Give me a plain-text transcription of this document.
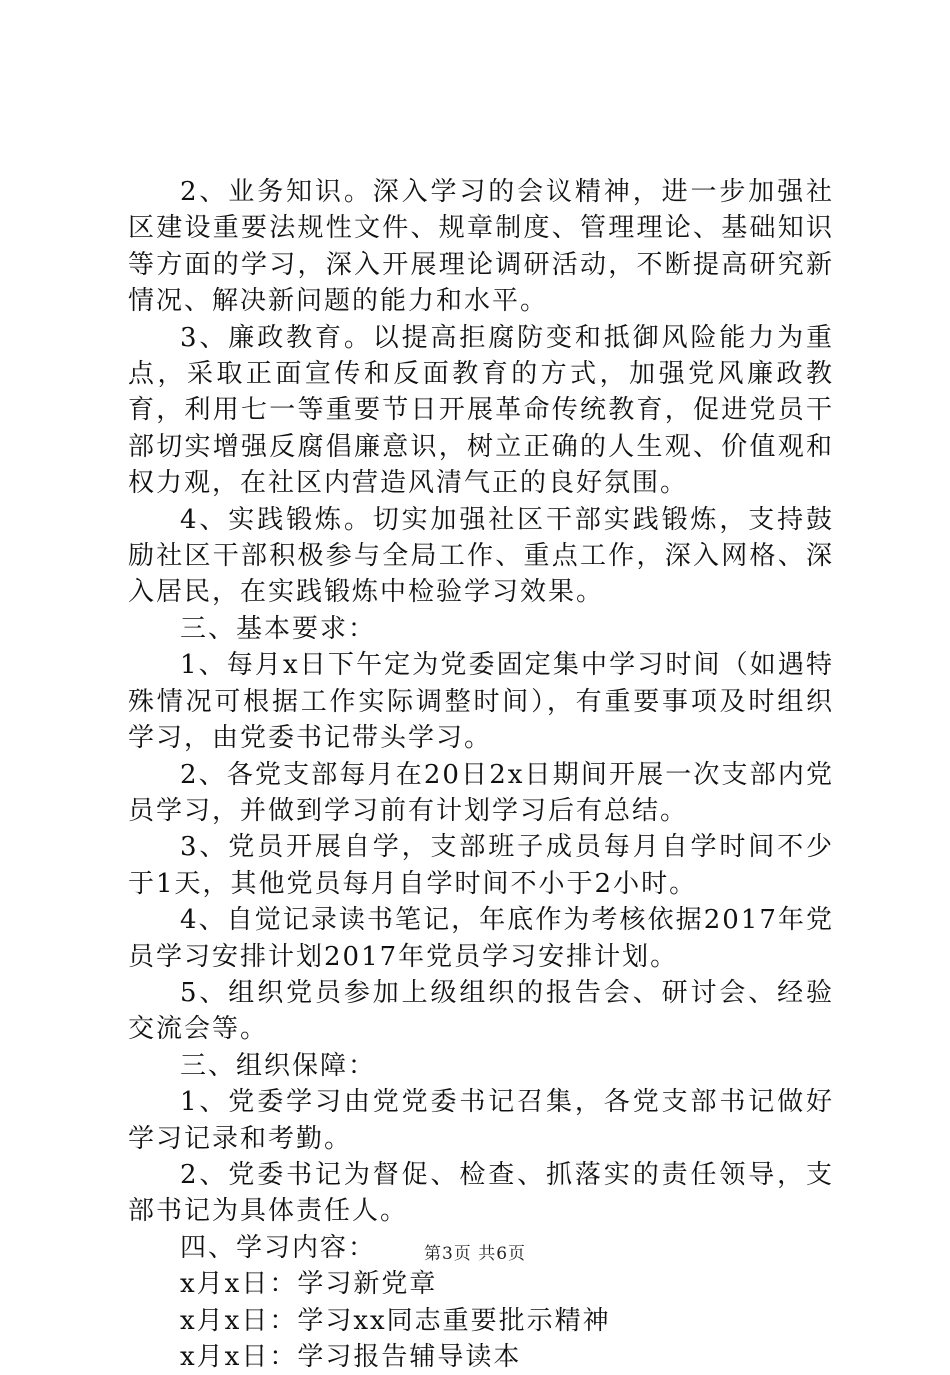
2、业务知识。深入学习的会议精神，进一步加强社区建设重要法规性文件、规章制度、管理理论、基础知识等方面的学习，深入开展理论调研活动，不断提高研究新情况、解决新问题的能力和水平。

3、廉政教育。以提高拒腐防变和抵御风险能力为重点，采取正面宣传和反面教育的方式，加强党风廉政教育，利用七一等重要节日开展革命传统教育，促进党员干部切实增强反腐倡廉意识，树立正确的人生观、价值观和权力观，在社区内营造风清气正的良好氛围。

4、实践锻炼。切实加强社区干部实践锻炼，支持鼓励社区干部积极参与全局工作、重点工作，深入网格、深入居民，在实践锻炼中检验学习效果。

三、基本要求：

1、每月x日下午定为党委固定集中学习时间（如遇特殊情况可根据工作实际调整时间），有重要事项及时组织学习，由党委书记带头学习。

2、各党支部每月在20日2x日期间开展一次支部内党员学习，并做到学习前有计划学习后有总结。

3、党员开展自学，支部班子成员每月自学时间不少于1天，其他党员每月自学时间不小于2小时。

4、自觉记录读书笔记，年底作为考核依据2017年党员学习安排计划2017年党员学习安排计划。

5、组织党员参加上级组织的报告会、研讨会、经验交流会等。

三、组织保障：

1、党委学习由党党委书记召集，各党支部书记做好学习记录和考勤。

2、党委书记为督促、检查、抓落实的责任领导，支部书记为具体责任人。

四、学习内容：

x月x日：学习新党章

x月x日：学习xx同志重要批示精神

x月x日：学习报告辅导读本

第3页 共6页
